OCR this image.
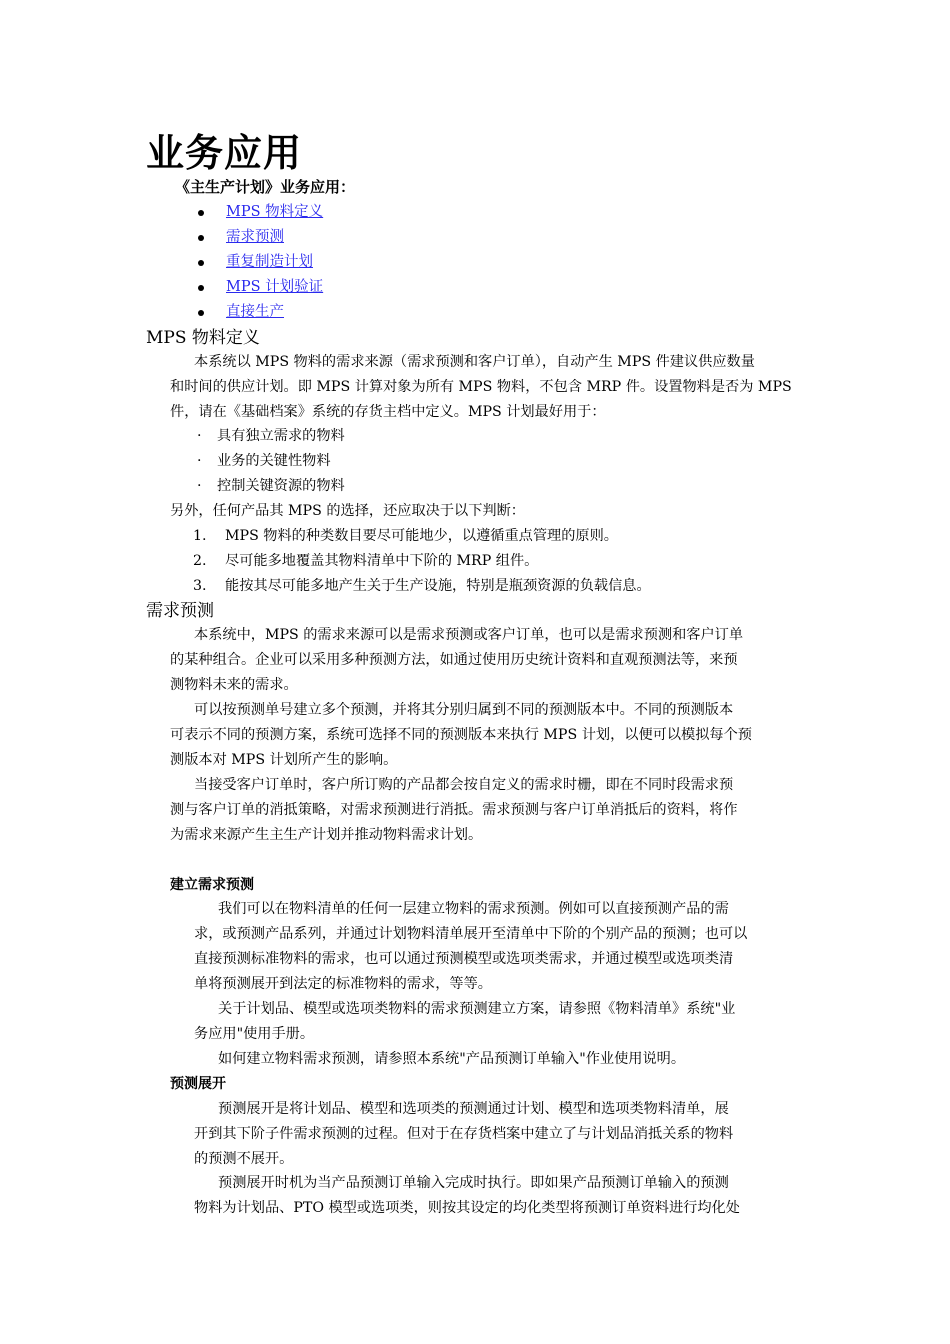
业务应用
《主生产计划》业务应用：
MPS 物料定义
需求预测
重复制造计划
MPS 计划验证
直接生产
MPS 物料定义
本系统以 MPS 物料的需求来源（需求预测和客户订单），自动产生 MPS 件建议供应数量
和时间的供应计划。即 MPS 计算对象为所有 MPS 物料，不包含 MRP 件。设置物料是否为 MPS
件，请在《基础档案》系统的存货主档中定义。MPS 计划最好用于：
· 具有独立需求的物料
· 业务的关键性物料
· 控制关键资源的物料
另外，任何产品其 MPS 的选择，还应取决于以下判断：
1. MPS 物料的种类数目要尽可能地少，以遵循重点管理的原则。
2. 尽可能多地覆盖其物料清单中下阶的 MRP 组件。
3. 能按其尽可能多地产生关于生产设施，特别是瓶颈资源的负载信息。
需求预测
本系统中，MPS 的需求来源可以是需求预测或客户订单，也可以是需求预测和客户订单
的某种组合。企业可以采用多种预测方法，如通过使用历史统计资料和直观预测法等，来预
测物料未来的需求。
可以按预测单号建立多个预测，并将其分别归属到不同的预测版本中。不同的预测版本
可表示不同的预测方案，系统可选择不同的预测版本来执行 MPS 计划，以便可以模拟每个预
测版本对 MPS 计划所产生的影响。
当接受客户订单时，客户所订购的产品都会按自定义的需求时栅，即在不同时段需求预
测与客户订单的消抵策略，对需求预测进行消抵。需求预测与客户订单消抵后的资料，将作
为需求来源产生主生产计划并推动物料需求计划。
建立需求预测
我们可以在物料清单的任何一层建立物料的需求预测。例如可以直接预测产品的需
求，或预测产品系列，并通过计划物料清单展开至清单中下阶的个别产品的预测；也可以
直接预测标准物料的需求，也可以通过预测模型或选项类需求，并通过模型或选项类清
单将预测展开到法定的标准物料的需求，等等。
关于计划品、模型或选项类物料的需求预测建立方案，请参照《物料清单》系统"业
务应用"使用手册。
如何建立物料需求预测，请参照本系统"产品预测订单输入"作业使用说明。
预测展开
预测展开是将计划品、模型和选项类的预测通过计划、模型和选项类物料清单，展
开到其下阶子件需求预测的过程。但对于在存货档案中建立了与计划品消抵关系的物料
的预测不展开。
预测展开时机为当产品预测订单输入完成时执行。即如果产品预测订单输入的预测
物料为计划品、PTO 模型或选项类，则按其设定的均化类型将预测订单资料进行均化处
